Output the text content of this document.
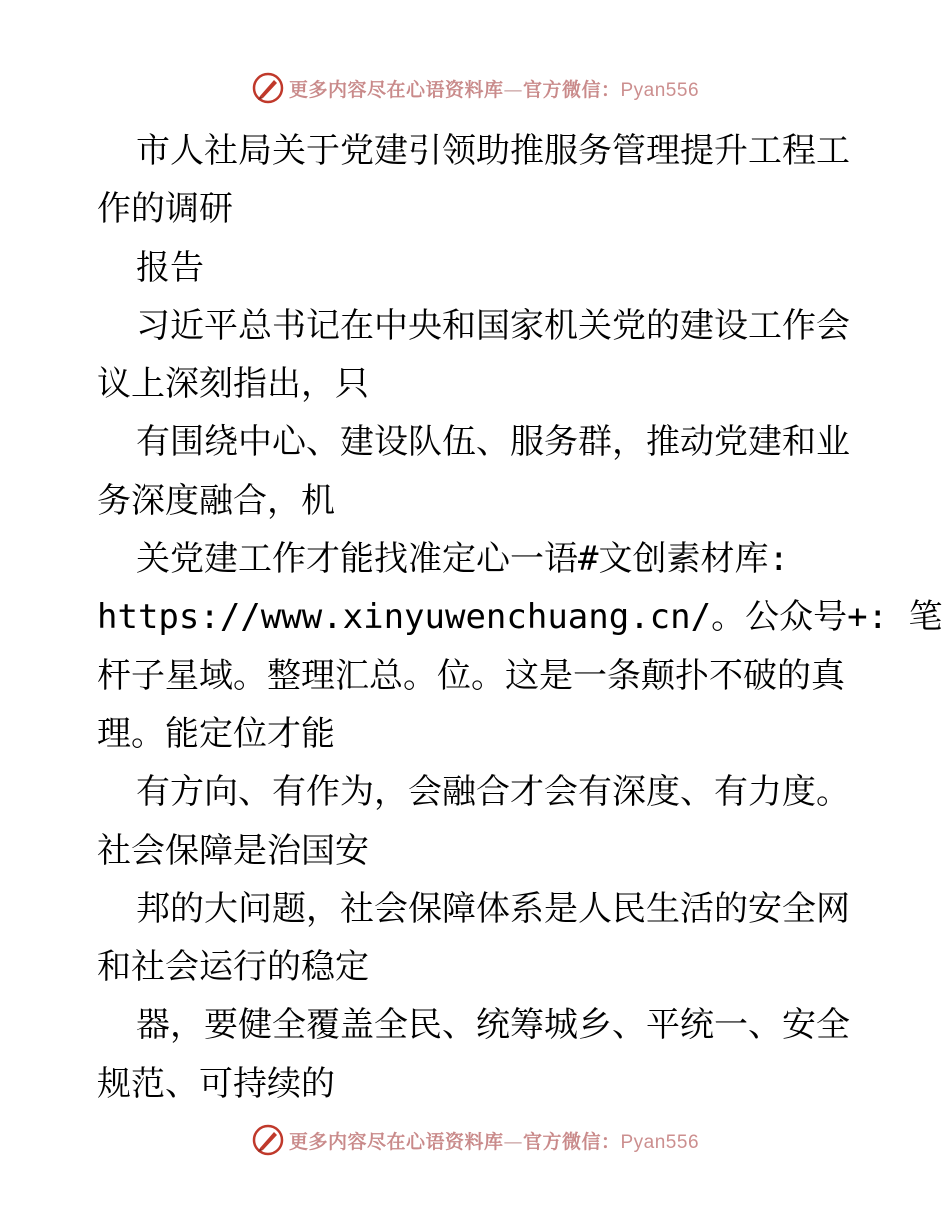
更多内容尽在心语资料库—官方微信：Pyan556
市人社局关于党建引领助推服务管理提升工程工
作的调研
报告
习近平总书记在中央和国家机关党的建设工作会
议上深刻指出，只
有围绕中心、建设队伍、服务群，推动党建和业
务深度融合，机
关党建工作才能找准定心一语#文创素材库:
https://www.xinyuwenchuang.cn/。公众号+: 笔
杆子星域。整理汇总。位。这是一条颠扑不破的真
理。能定位才能
有方向、有作为，会融合才会有深度、有力度。
社会保障是治国安
邦的大问题，社会保障体系是人民生活的安全网
和社会运行的稳定
器，要健全覆盖全民、统筹城乡、平统一、安全
规范、可持续的
更多内容尽在心语资料库—官方微信：Pyan556
